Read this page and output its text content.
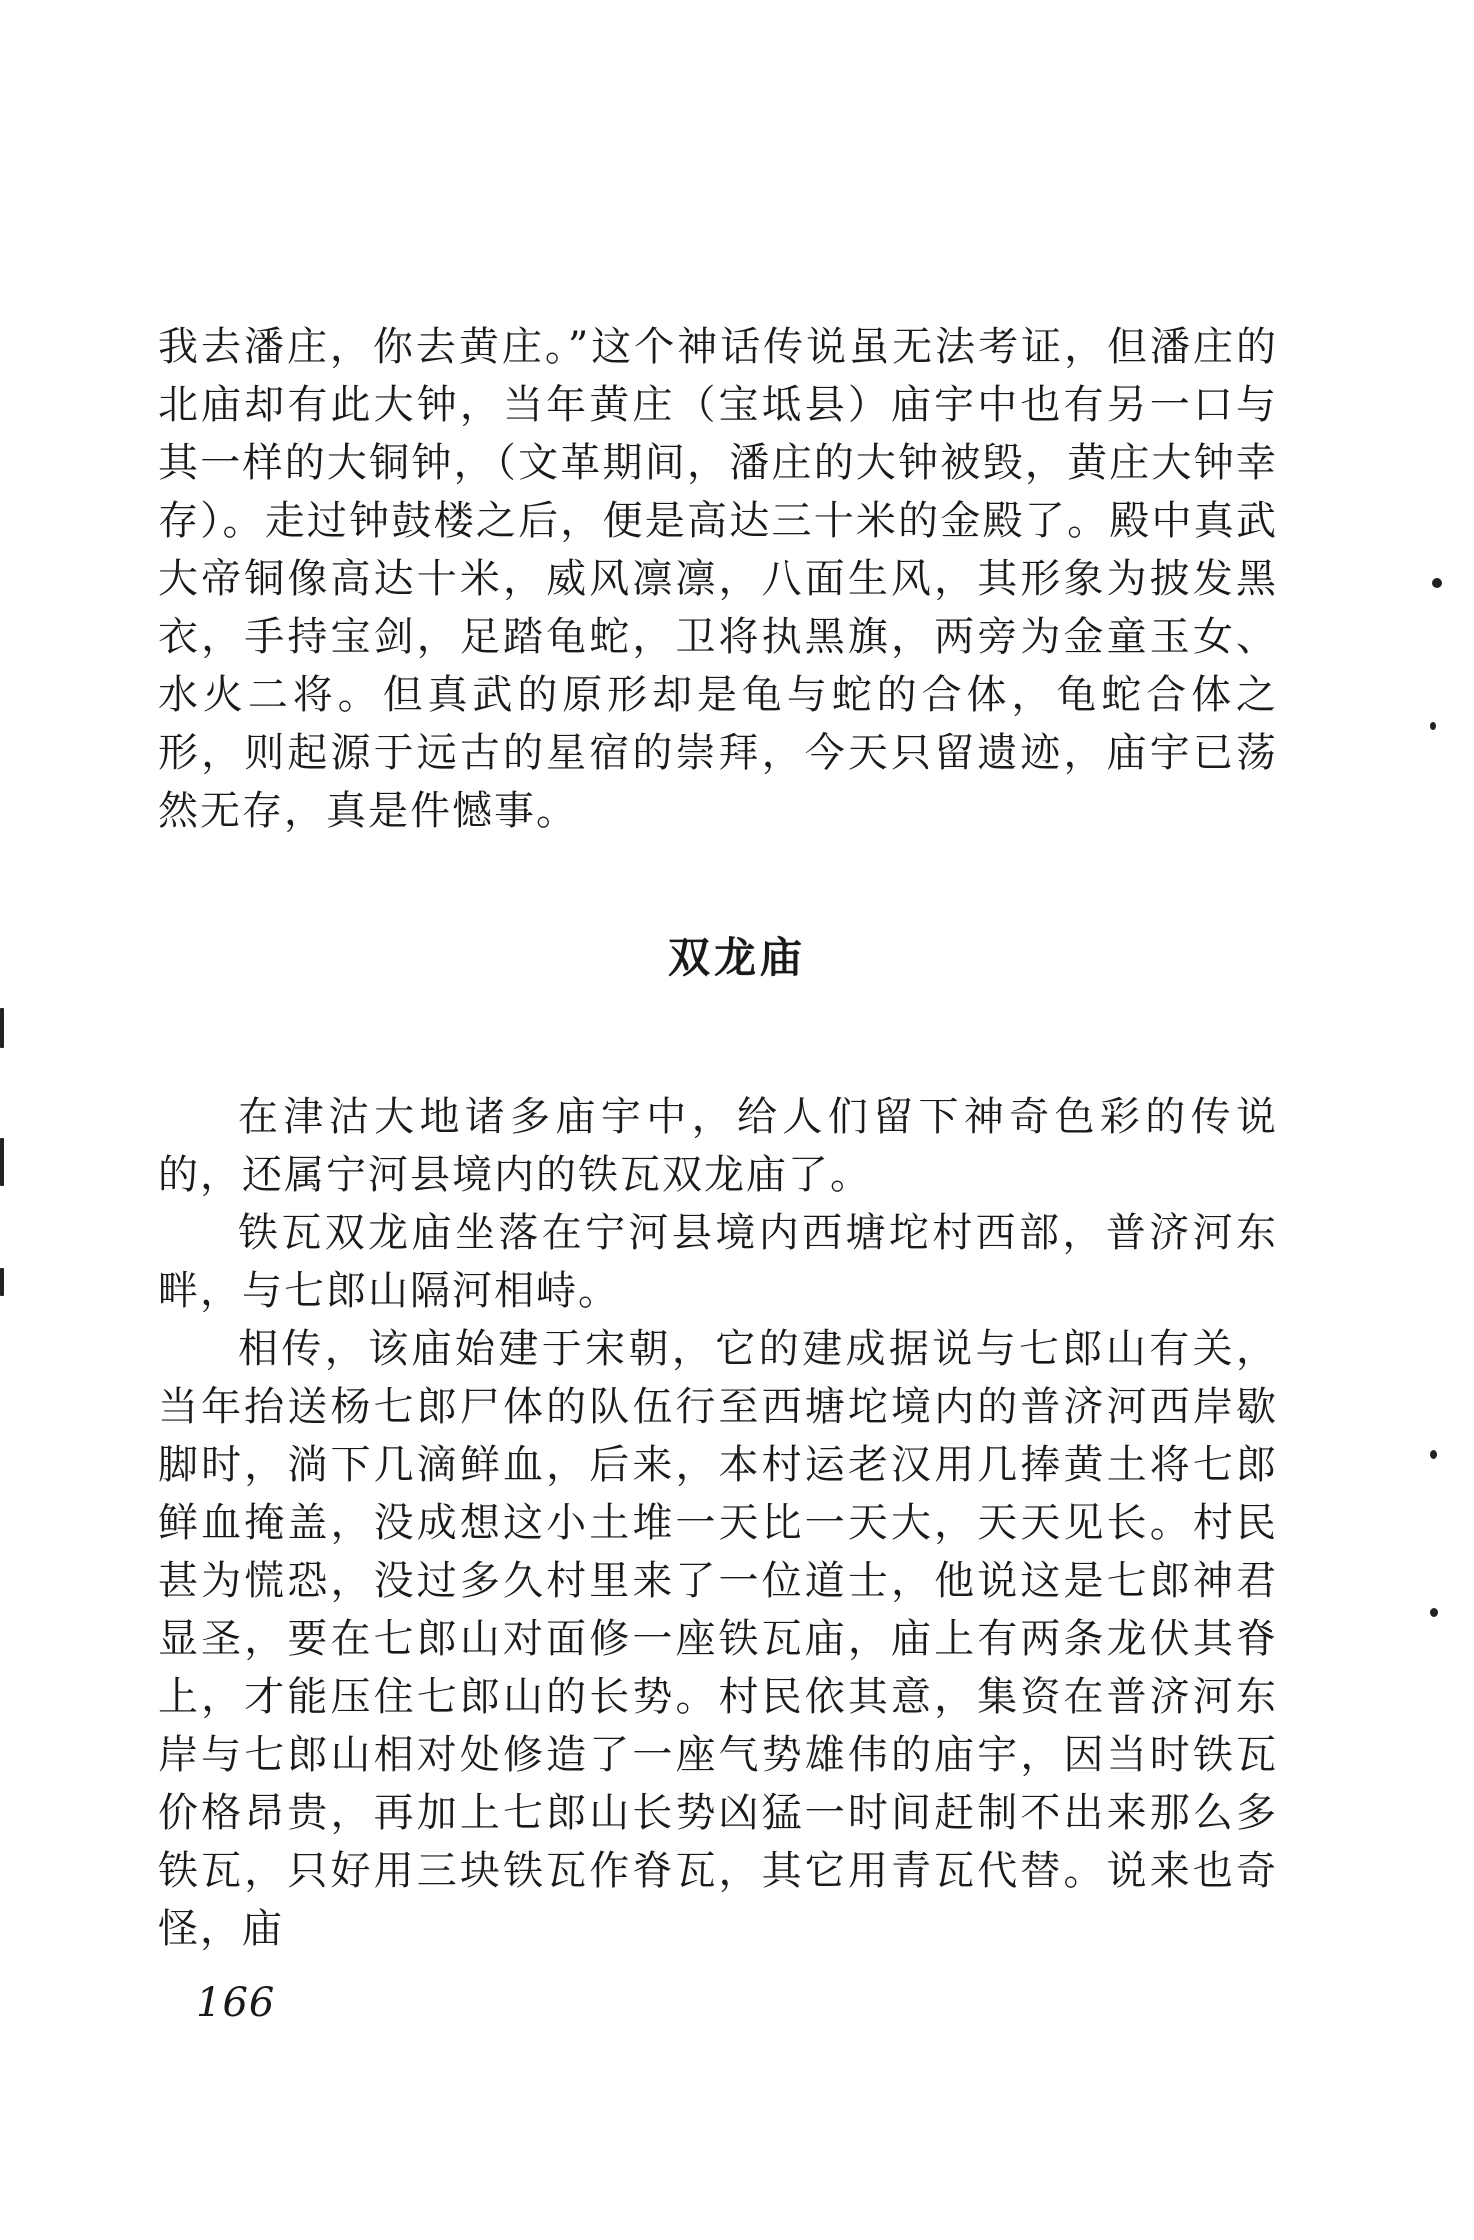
我去潘庄，你去黄庄。”这个神话传说虽无法考证，但潘庄的北庙却有此大钟，当年黄庄（宝坻县）庙宇中也有另一口与其一样的大铜钟，（文革期间，潘庄的大钟被毁，黄庄大钟幸存）。走过钟鼓楼之后，便是高达三十米的金殿了。殿中真武大帝铜像高达十米，威风凛凛，八面生风，其形象为披发黑衣，手持宝剑，足踏龟蛇，卫将执黑旗，两旁为金童玉女、水火二将。但真武的原形却是龟与蛇的合体，龟蛇合体之形，则起源于远古的星宿的崇拜，今天只留遗迹，庙宇已荡然无存，真是件憾事。

双龙庙

在津沽大地诸多庙宇中，给人们留下神奇色彩的传说的，还属宁河县境内的铁瓦双龙庙了。

铁瓦双龙庙坐落在宁河县境内西塘坨村西部，普济河东畔，与七郎山隔河相峙。

相传，该庙始建于宋朝，它的建成据说与七郎山有关，当年抬送杨七郎尸体的队伍行至西塘坨境内的普济河西岸歇脚时，淌下几滴鲜血，后来，本村运老汉用几捧黄土将七郎鲜血掩盖，没成想这小土堆一天比一天大，天天见长。村民甚为慌恐，没过多久村里来了一位道士，他说这是七郎神君显圣，要在七郎山对面修一座铁瓦庙，庙上有两条龙伏其脊上，才能压住七郎山的长势。村民依其意，集资在普济河东岸与七郎山相对处修造了一座气势雄伟的庙宇，因当时铁瓦价格昂贵，再加上七郎山长势凶猛一时间赶制不出来那么多铁瓦，只好用三块铁瓦作脊瓦，其它用青瓦代替。说来也奇怪，庙

166
